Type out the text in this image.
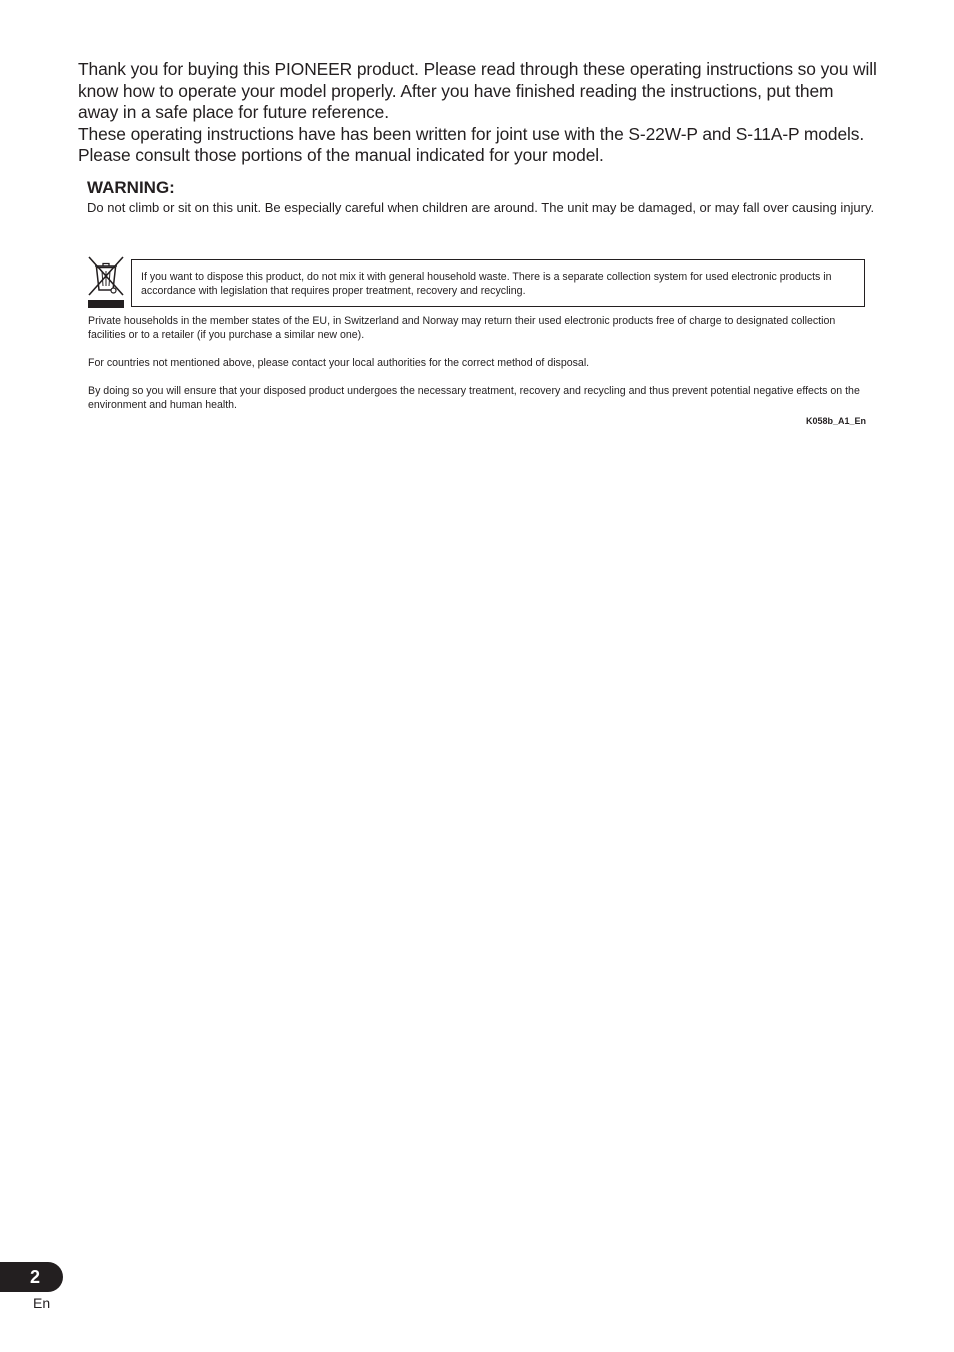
Thank you for buying this PIONEER product. Please read through these operating instructions so you will know how to operate your model properly. After you have finished reading the instructions, put them away in a safe place for future reference.

These operating instructions have has been written for joint use with the S-22W-P and S-11A-P models. Please consult those portions of the manual indicated for your model.

WARNING:

Do not climb or sit on this unit. Be especially careful when children are around. The unit may be damaged, or may fall over causing injury.

If you want to dispose this product, do not mix it with general household waste. There is a separate collection system for used electronic products in accordance with legislation that requires proper treatment, recovery and recycling.

Private households in the member states of the EU, in Switzerland and Norway may return their used electronic products free of charge to designated collection facilities or to a retailer (if you purchase a similar new one).

For countries not mentioned above, please contact your local authorities for the correct method of disposal.

By doing so you will ensure that your disposed product undergoes the necessary treatment, recovery and recycling and thus prevent potential negative effects on the environment and human health.

K058b_A1_En
2
En
